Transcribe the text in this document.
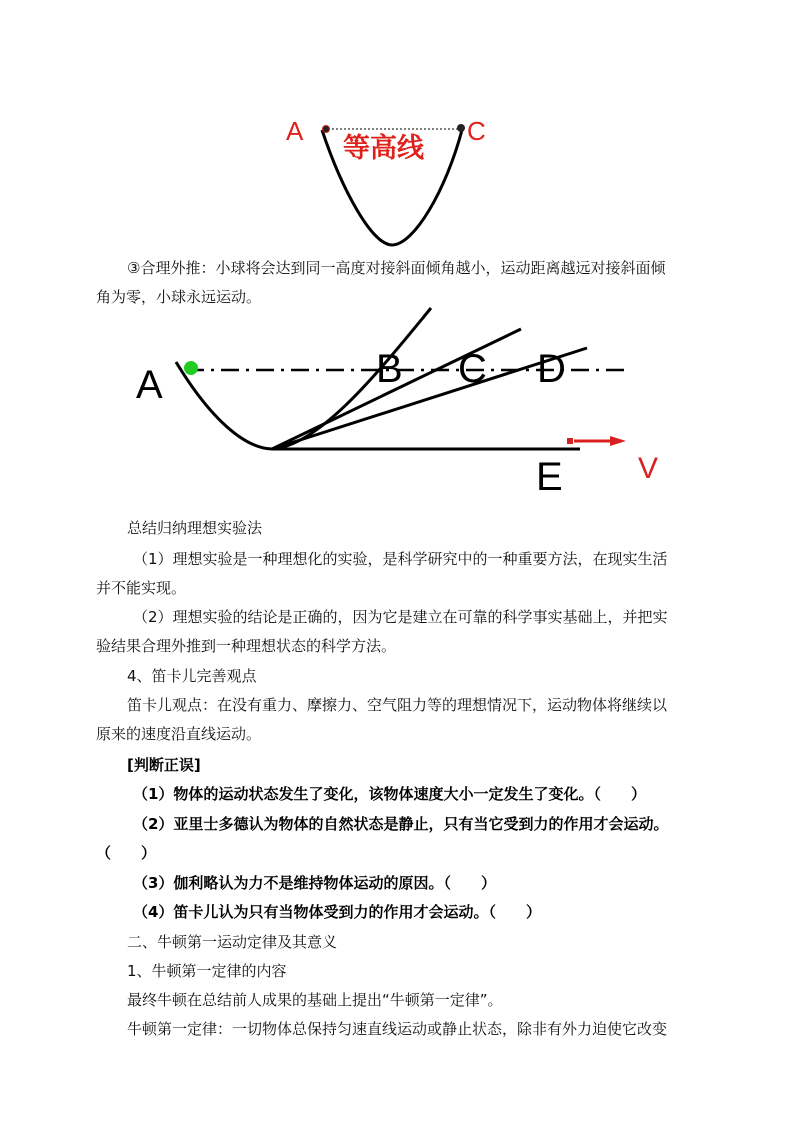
A	C
等高线
③合理外推：小球将会达到同一高度对接斜面倾角越小，运动距离越远对接斜面倾
角为零，小球永远运动。
A	B C D
E	V
总结归纳理想实验法
（1）理想实验是一种理想化的实验，是科学研究中的一种重要方法，在现实生活
并不能实现。
（2）理想实验的结论是正确的，因为它是建立在可靠的科学事实基础上，并把实
验结果合理外推到一种理想状态的科学方法。
4、笛卡儿完善观点
笛卡儿观点：在没有重力、摩擦力、空气阻力等的理想情况下，运动物体将继续以
原来的速度沿直线运动。
[判断正误]
（1）物体的运动状态发生了变化，该物体速度大小一定发生了变化。（　　）
（2）亚里士多德认为物体的自然状态是静止，只有当它受到力的作用才会运动。
（　　）
（3）伽利略认为力不是维持物体运动的原因。（　　）
（4）笛卡儿认为只有当物体受到力的作用才会运动。（　　）
二、牛顿第一运动定律及其意义
1、牛顿第一定律的内容
最终牛顿在总结前人成果的基础上提出“牛顿第一定律”。
牛顿第一定律：一切物体总保持匀速直线运动或静止状态，除非有外力迫使它改变
